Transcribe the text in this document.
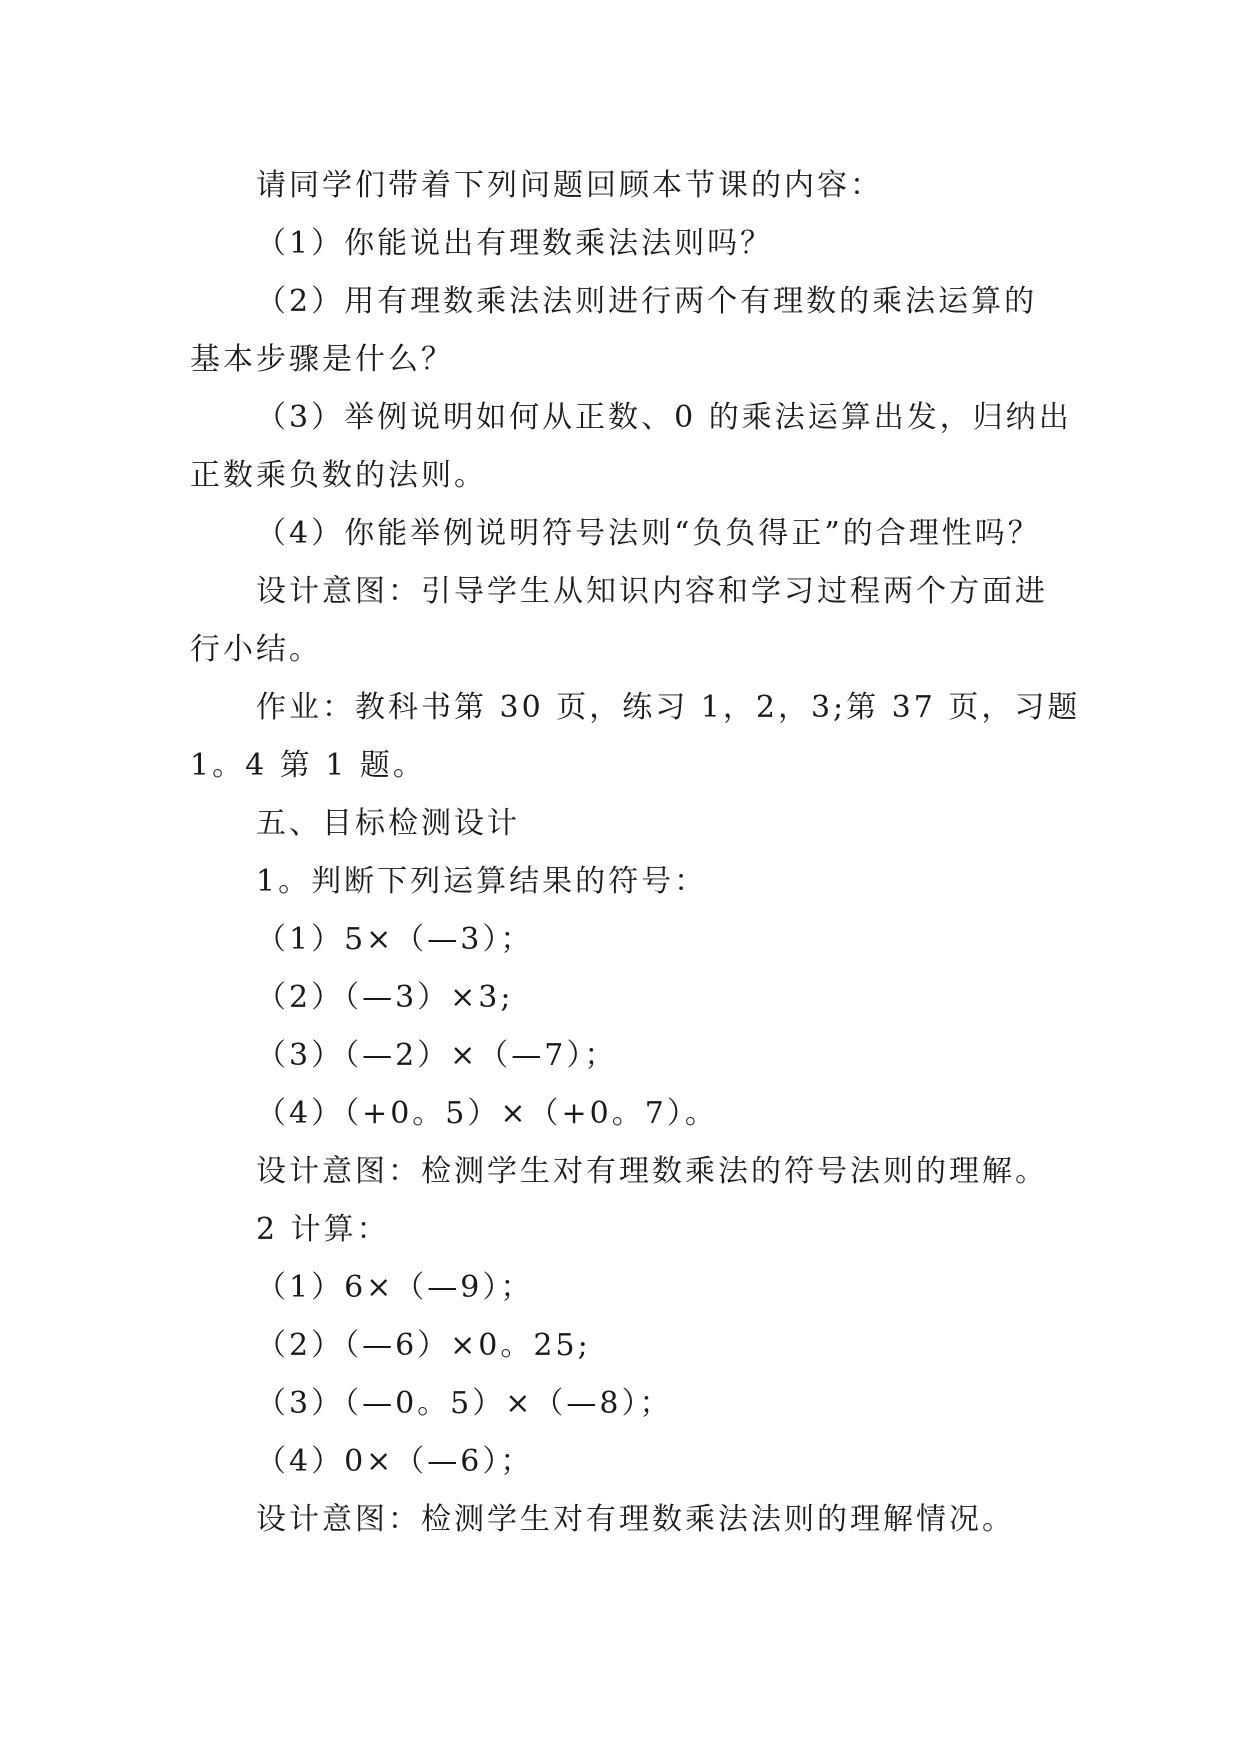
请同学们带着下列问题回顾本节课的内容：
（1）你能说出有理数乘法法则吗？
（2）用有理数乘法法则进行两个有理数的乘法运算的
基本步骤是什么？
（3）举例说明如何从正数、0 的乘法运算出发，归纳出
正数乘负数的法则。
（4）你能举例说明符号法则“负负得正”的合理性吗？
设计意图：引导学生从知识内容和学习过程两个方面进
行小结。
作业：教科书第 30 页，练习 1，2，3;第 37 页，习题
1。4 第 1 题。
五、目标检测设计
1。判断下列运算结果的符号：
（1）5×（—3）；
（2）（—3）×3;
（3）（—2）×（—7）；
（4）（+0。5）×（+0。7）。
设计意图：检测学生对有理数乘法的符号法则的理解。
2 计算：
（1）6×（—9）；
（2）（—6）×0。25;
（3）（—0。5）×（—8）；
（4）0×（—6）；
设计意图：检测学生对有理数乘法法则的理解情况。
